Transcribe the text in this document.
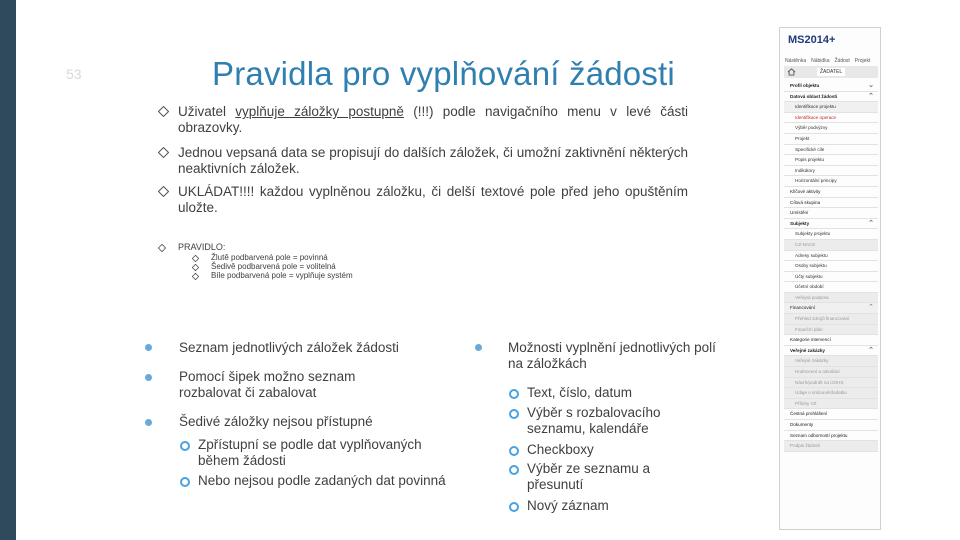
53	Pravidla pro vyplňování žádosti
Uživatel vyplňuje záložky postupně (!!!) podle navigačního menu v levé části obrazovky.
Jednou vepsaná data se propisují do dalších záložek, či umožní zaktivnění některých neaktivních záložek.
UKLÁDAT!!!! každou vyplněnou záložku, či delší textové pole před jeho opuštěním uložte.
PRAVIDLO:
Žlutě podbarvená pole = povinná
Šedivě podbarvená pole = volitelná
Bíle podbarvená pole = vyplňuje systém
Seznam jednotlivých záložek žádosti
Pomocí šipek možno seznam rozbalovat či zabalovat
Šedivé záložky nejsou přístupné
Zpřístupní se podle dat vyplňovaných během žádosti
Nebo nejsou podle zadaných dat povinná
Možnosti vyplnění jednotlivých polí na záložkách
Text, číslo, datum
Výběr s rozbalovacího seznamu, kalendáře
Checkboxy
Výběr ze seznamu a přesunutí
Nový záznam
MS2014+
Nástěnka Nábidka Žádost Projekt
ŽADATEL
Profil objektu	⌄
Datová oblast žádosti	⌃
Identifikace projektu
Identifikace operace
Výběr podvýzvy
Projekt
Specifické cíle
Popis projektu
Indikátory
Horizontální principy
Klíčové aktivity
Cílová skupina
Umístění
Subjekty	⌃
Subjekty projektu
CZ-NACE
Adresy subjektu
Osoby subjektu
Účty subjektu
Účetní období
Veřejná podpora
Financování	⌃
Přehled zdrojů financování
Finanční plán
Kategorie intervencí
Veřejné zakázky	⌃
Veřejné zakázky
Hodnocení a odvolání
Návrh/podnět na ÚOHS
Údaje o smlouvě/dodatku
Přílohy VZ
Čestná prohlášení
Dokumenty
Seznam odborností projektu
Podpis žádosti
